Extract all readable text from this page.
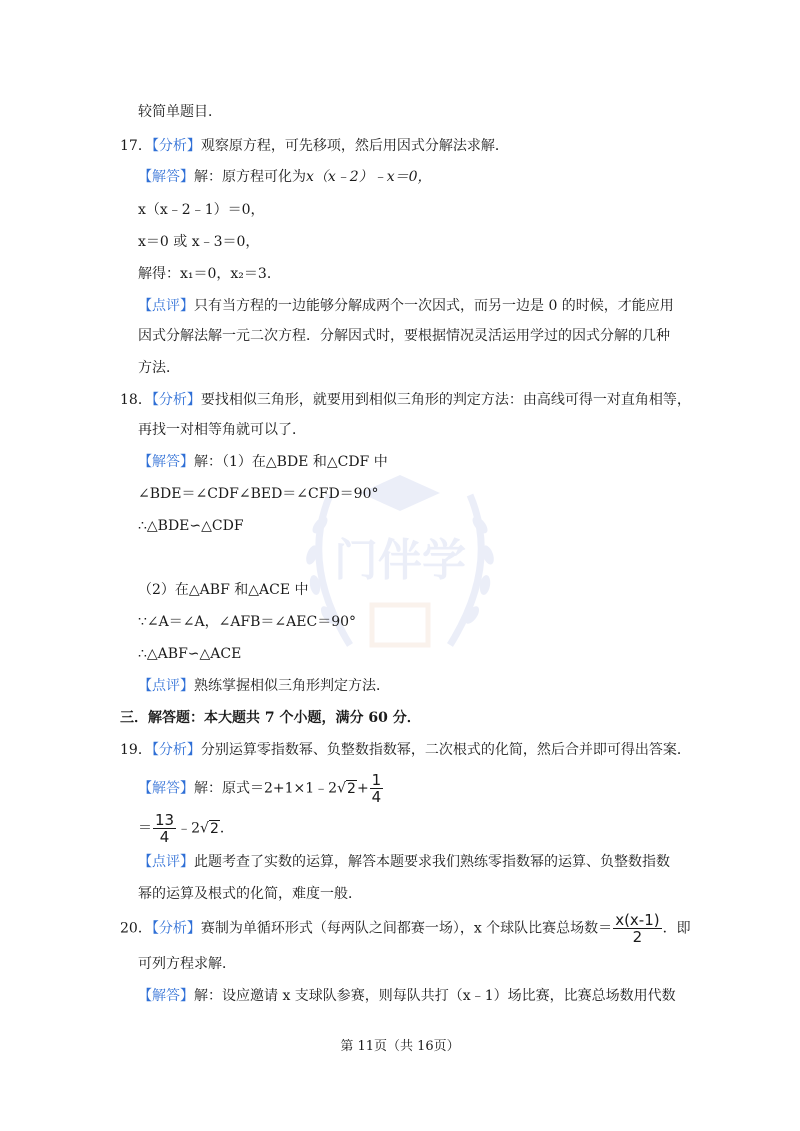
门伴学
较简单题目．
17．【分析】观察原方程，可先移项，然后用因式分解法求解．
【解答】解：原方程可化为x（x﹣2）﹣x＝0，
x（x﹣2﹣1）＝0，
x＝0 或 x﹣3＝0，
解得：x₁＝0，x₂＝3．
【点评】只有当方程的一边能够分解成两个一次因式，而另一边是 0 的时候，才能应用
因式分解法解一元二次方程．分解因式时，要根据情况灵活运用学过的因式分解的几种
方法．
18．【分析】要找相似三角形，就要用到相似三角形的判定方法：由高线可得一对直角相等，
再找一对相等角就可以了．
【解答】解：（1）在△BDE 和△CDF 中
∠BDE＝∠CDF∠BED＝∠CFD＝90°
∴△BDE∽△CDF
（2）在△ABF 和△ACE 中
∵∠A＝∠A，∠AFB＝∠AEC＝90°
∴△ABF∽△ACE
【点评】熟练掌握相似三角形判定方法．
三．解答题：本大题共 7 个小题，满分 60 分．
19．【分析】分别运算零指数幂、负整数指数幂，二次根式的化简，然后合并即可得出答案．
【解答】解：原式＝2+1×1﹣2√2+ $\frac{1}{4}$
＝ $\frac{13}{4}$ ﹣2√2．
【点评】此题考查了实数的运算，解答本题要求我们熟练零指数幂的运算、负整数指数
幂的运算及根式的化简，难度一般．
20．【分析】赛制为单循环形式（每两队之间都赛一场），x 个球队比赛总场数＝ $\frac{x(x-1)}{2}$ ．即
可列方程求解．
【解答】解：设应邀请 x 支球队参赛，则每队共打（x﹣1）场比赛，比赛总场数用代数
第 11页（共 16页）
